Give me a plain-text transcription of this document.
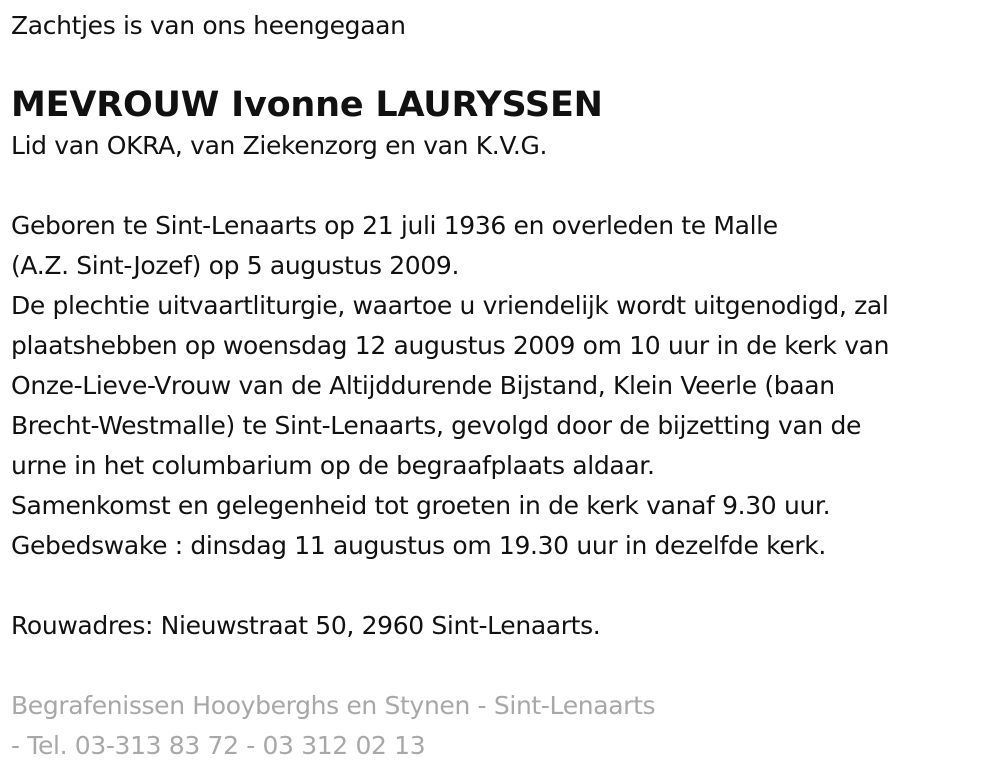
Zachtjes is van ons heengegaan
MEVROUW Ivonne LAURYSSEN
Lid van OKRA, van Ziekenzorg en van K.V.G.
Geboren te Sint-Lenaarts op 21 juli 1936 en overleden te Malle
(A.Z. Sint-Jozef) op 5 augustus 2009.
De plechtie uitvaartliturgie, waartoe u vriendelijk wordt uitgenodigd, zal
plaatshebben op woensdag 12 augustus 2009 om 10 uur in de kerk van
Onze-Lieve-Vrouw van de Altijddurende Bijstand, Klein Veerle (baan
Brecht-Westmalle) te Sint-Lenaarts, gevolgd door de bijzetting van de
urne in het columbarium op de begraafplaats aldaar.
Samenkomst en gelegenheid tot groeten in de kerk vanaf 9.30 uur.
Gebedswake : dinsdag 11 augustus om 19.30 uur in dezelfde kerk.
Rouwadres: Nieuwstraat 50, 2960 Sint-Lenaarts.
Begrafenissen Hooyberghs en Stynen - Sint-Lenaarts
- Tel. 03-313 83 72 - 03 312 02 13
